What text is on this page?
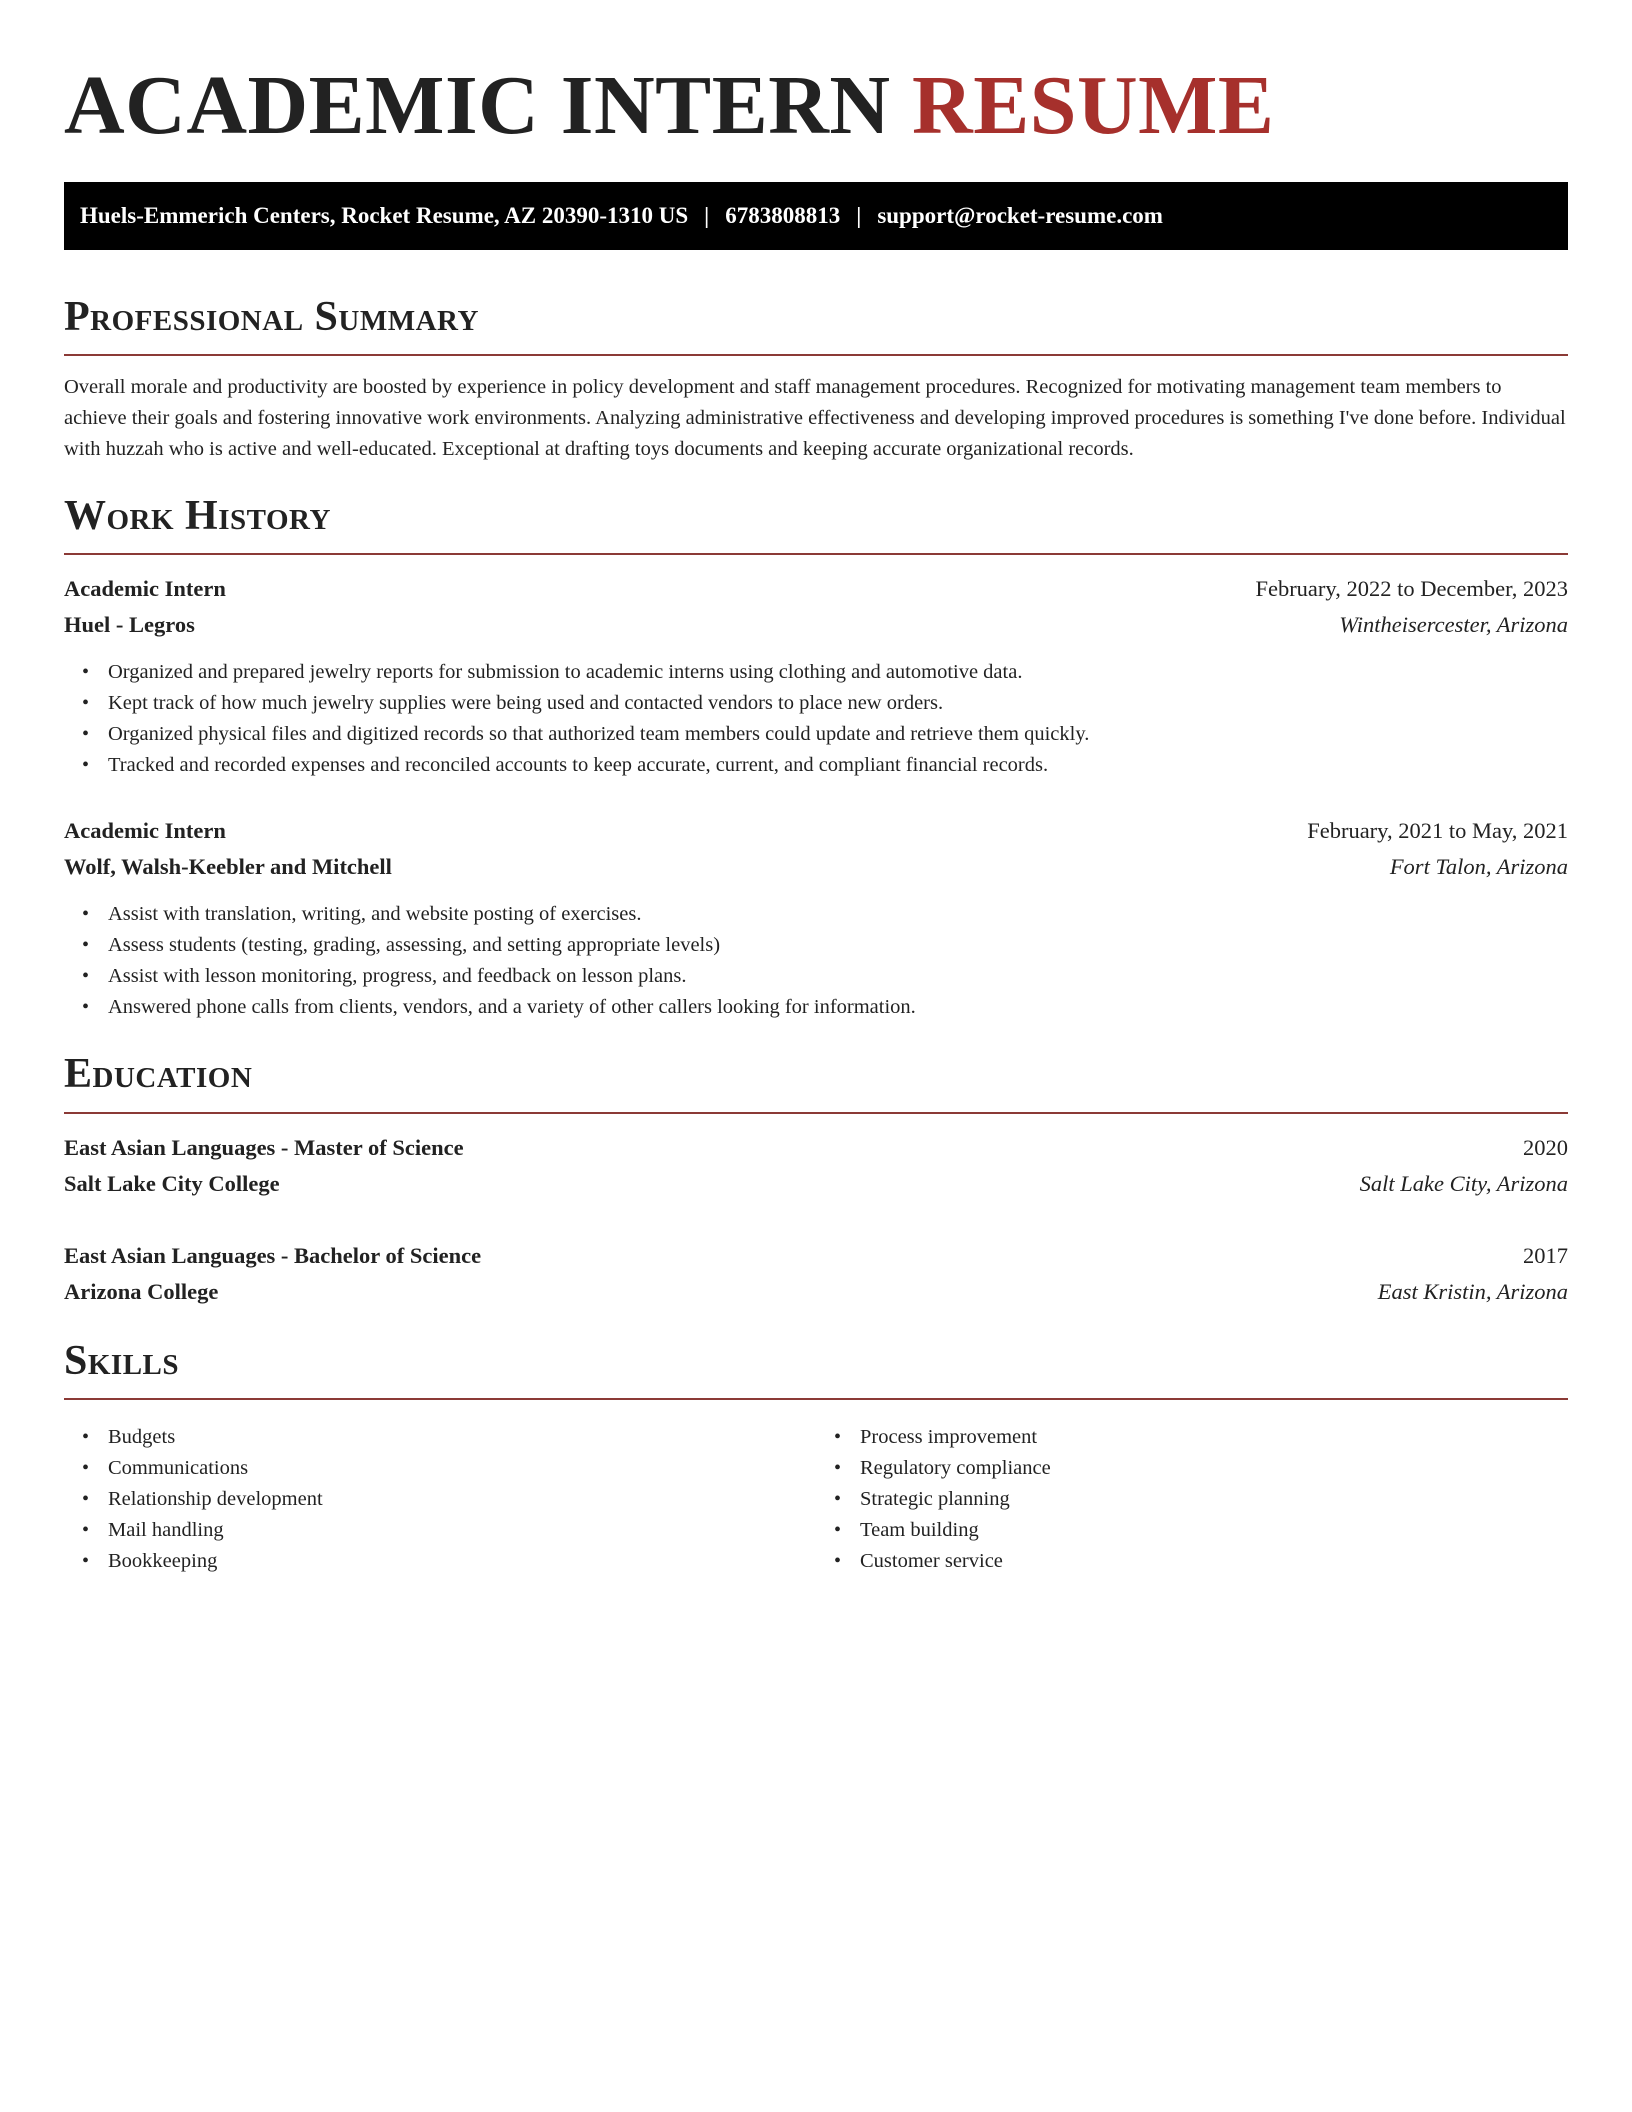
ACADEMIC INTERN RESUME
Huels-Emmerich Centers, Rocket Resume, AZ 20390-1310 US | 6783808813 | support@rocket-resume.com
Professional Summary

Overall morale and productivity are boosted by experience in policy development and staff management procedures. Recognized for motivating management team members to achieve their goals and fostering innovative work environments. Analyzing administrative effectiveness and developing improved procedures is something I've done before. Individual with huzzah who is active and well-educated. Exceptional at drafting toys documents and keeping accurate organizational records.

Work History
Academic Intern	February, 2022 to December, 2023
Huel - Legros	Wintheisercester, Arizona
• Organized and prepared jewelry reports for submission to academic interns using clothing and automotive data.
• Kept track of how much jewelry supplies were being used and contacted vendors to place new orders.
• Organized physical files and digitized records so that authorized team members could update and retrieve them quickly.
• Tracked and recorded expenses and reconciled accounts to keep accurate, current, and compliant financial records.
Academic Intern	February, 2021 to May, 2021
Wolf, Walsh-Keebler and Mitchell	Fort Talon, Arizona
• Assist with translation, writing, and website posting of exercises.
• Assess students (testing, grading, assessing, and setting appropriate levels)
• Assist with lesson monitoring, progress, and feedback on lesson plans.
• Answered phone calls from clients, vendors, and a variety of other callers looking for information.
Education
East Asian Languages - Master of Science	2020
Salt Lake City College	Salt Lake City, Arizona
East Asian Languages - Bachelor of Science	2017
Arizona College	East Kristin, Arizona
Skills
• Budgets
• Communications
• Relationship development
• Mail handling
• Bookkeeping
• Process improvement
• Regulatory compliance
• Strategic planning
• Team building
• Customer service
